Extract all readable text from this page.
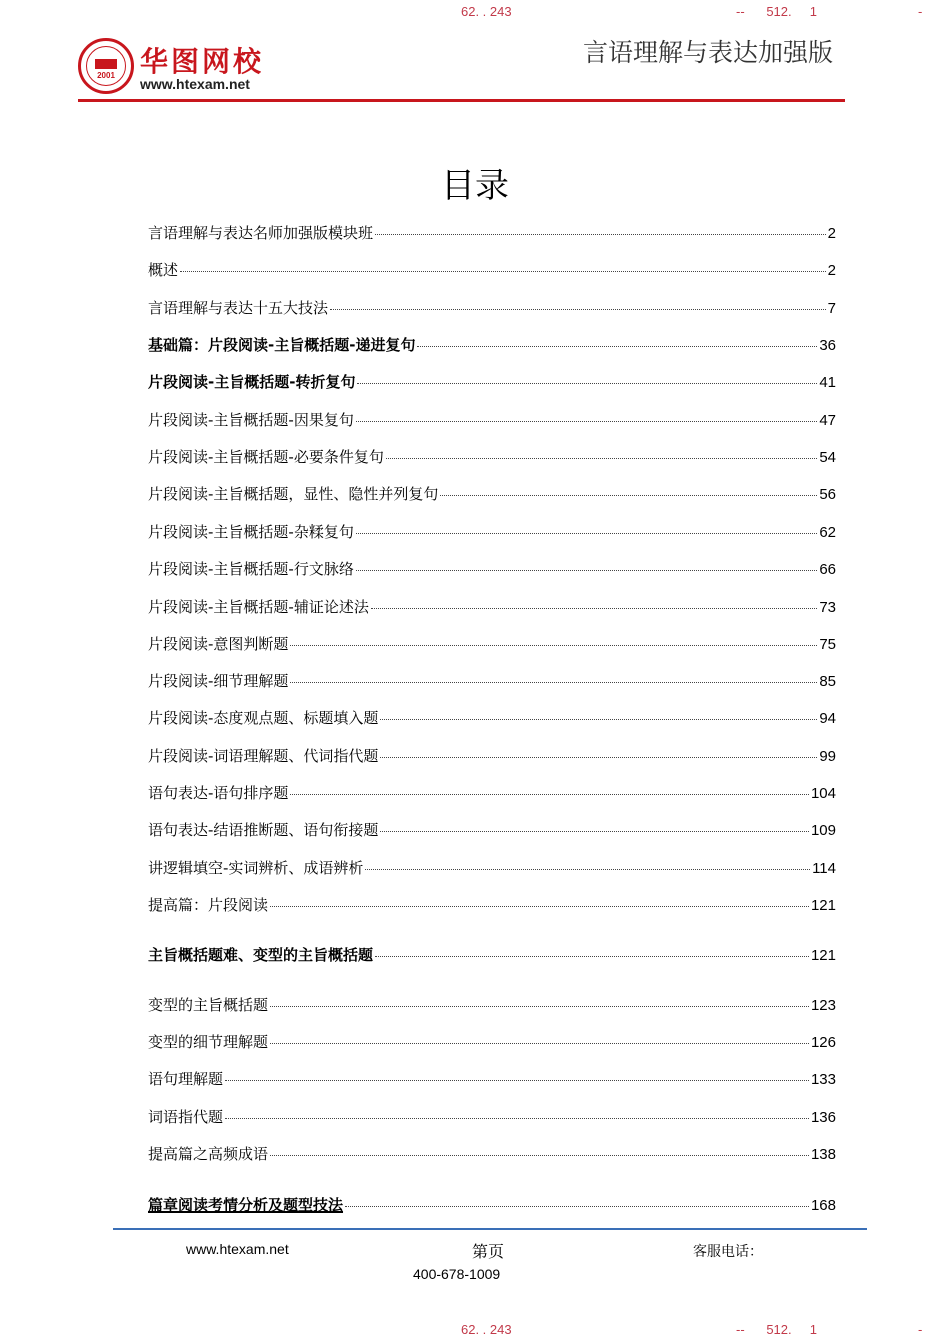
62. . 243	--      512.     1	-
2001 华图网校
www.htexam.net
言语理解与表达加强版
目录
言语理解与表达名师加强版模块班	2
概述	2
言语理解与表达十五大技法	7
基础篇：片段阅读-主旨概括题-递进复句	36
片段阅读-主旨概括题-转折复句	41
片段阅读-主旨概括题-因果复句	47
片段阅读-主旨概括题-必要条件复句	54
片段阅读-主旨概括题，显性、隐性并列复句	56
片段阅读-主旨概括题-杂糅复句	62
片段阅读-主旨概括题-行文脉络	66
片段阅读-主旨概括题-辅证论述法	73
片段阅读-意图判断题	75
片段阅读-细节理解题	85
片段阅读-态度观点题、标题填入题	94
片段阅读-词语理解题、代词指代题	99
语句表达-语句排序题	104
语句表达-结语推断题、语句衔接题	109
讲逻辑填空-实词辨析、成语辨析	114
提高篇：片段阅读	121
主旨概括题难、变型的主旨概括题	121
变型的主旨概括题	123
变型的细节理解题	126
语句理解题	133
词语指代题	136
提高篇之高频成语	138
篇章阅读考情分析及题型技法	168
www.htexam.net	第页	客服电话：
400-678-1009
62. . 243	--      512.     1	-
